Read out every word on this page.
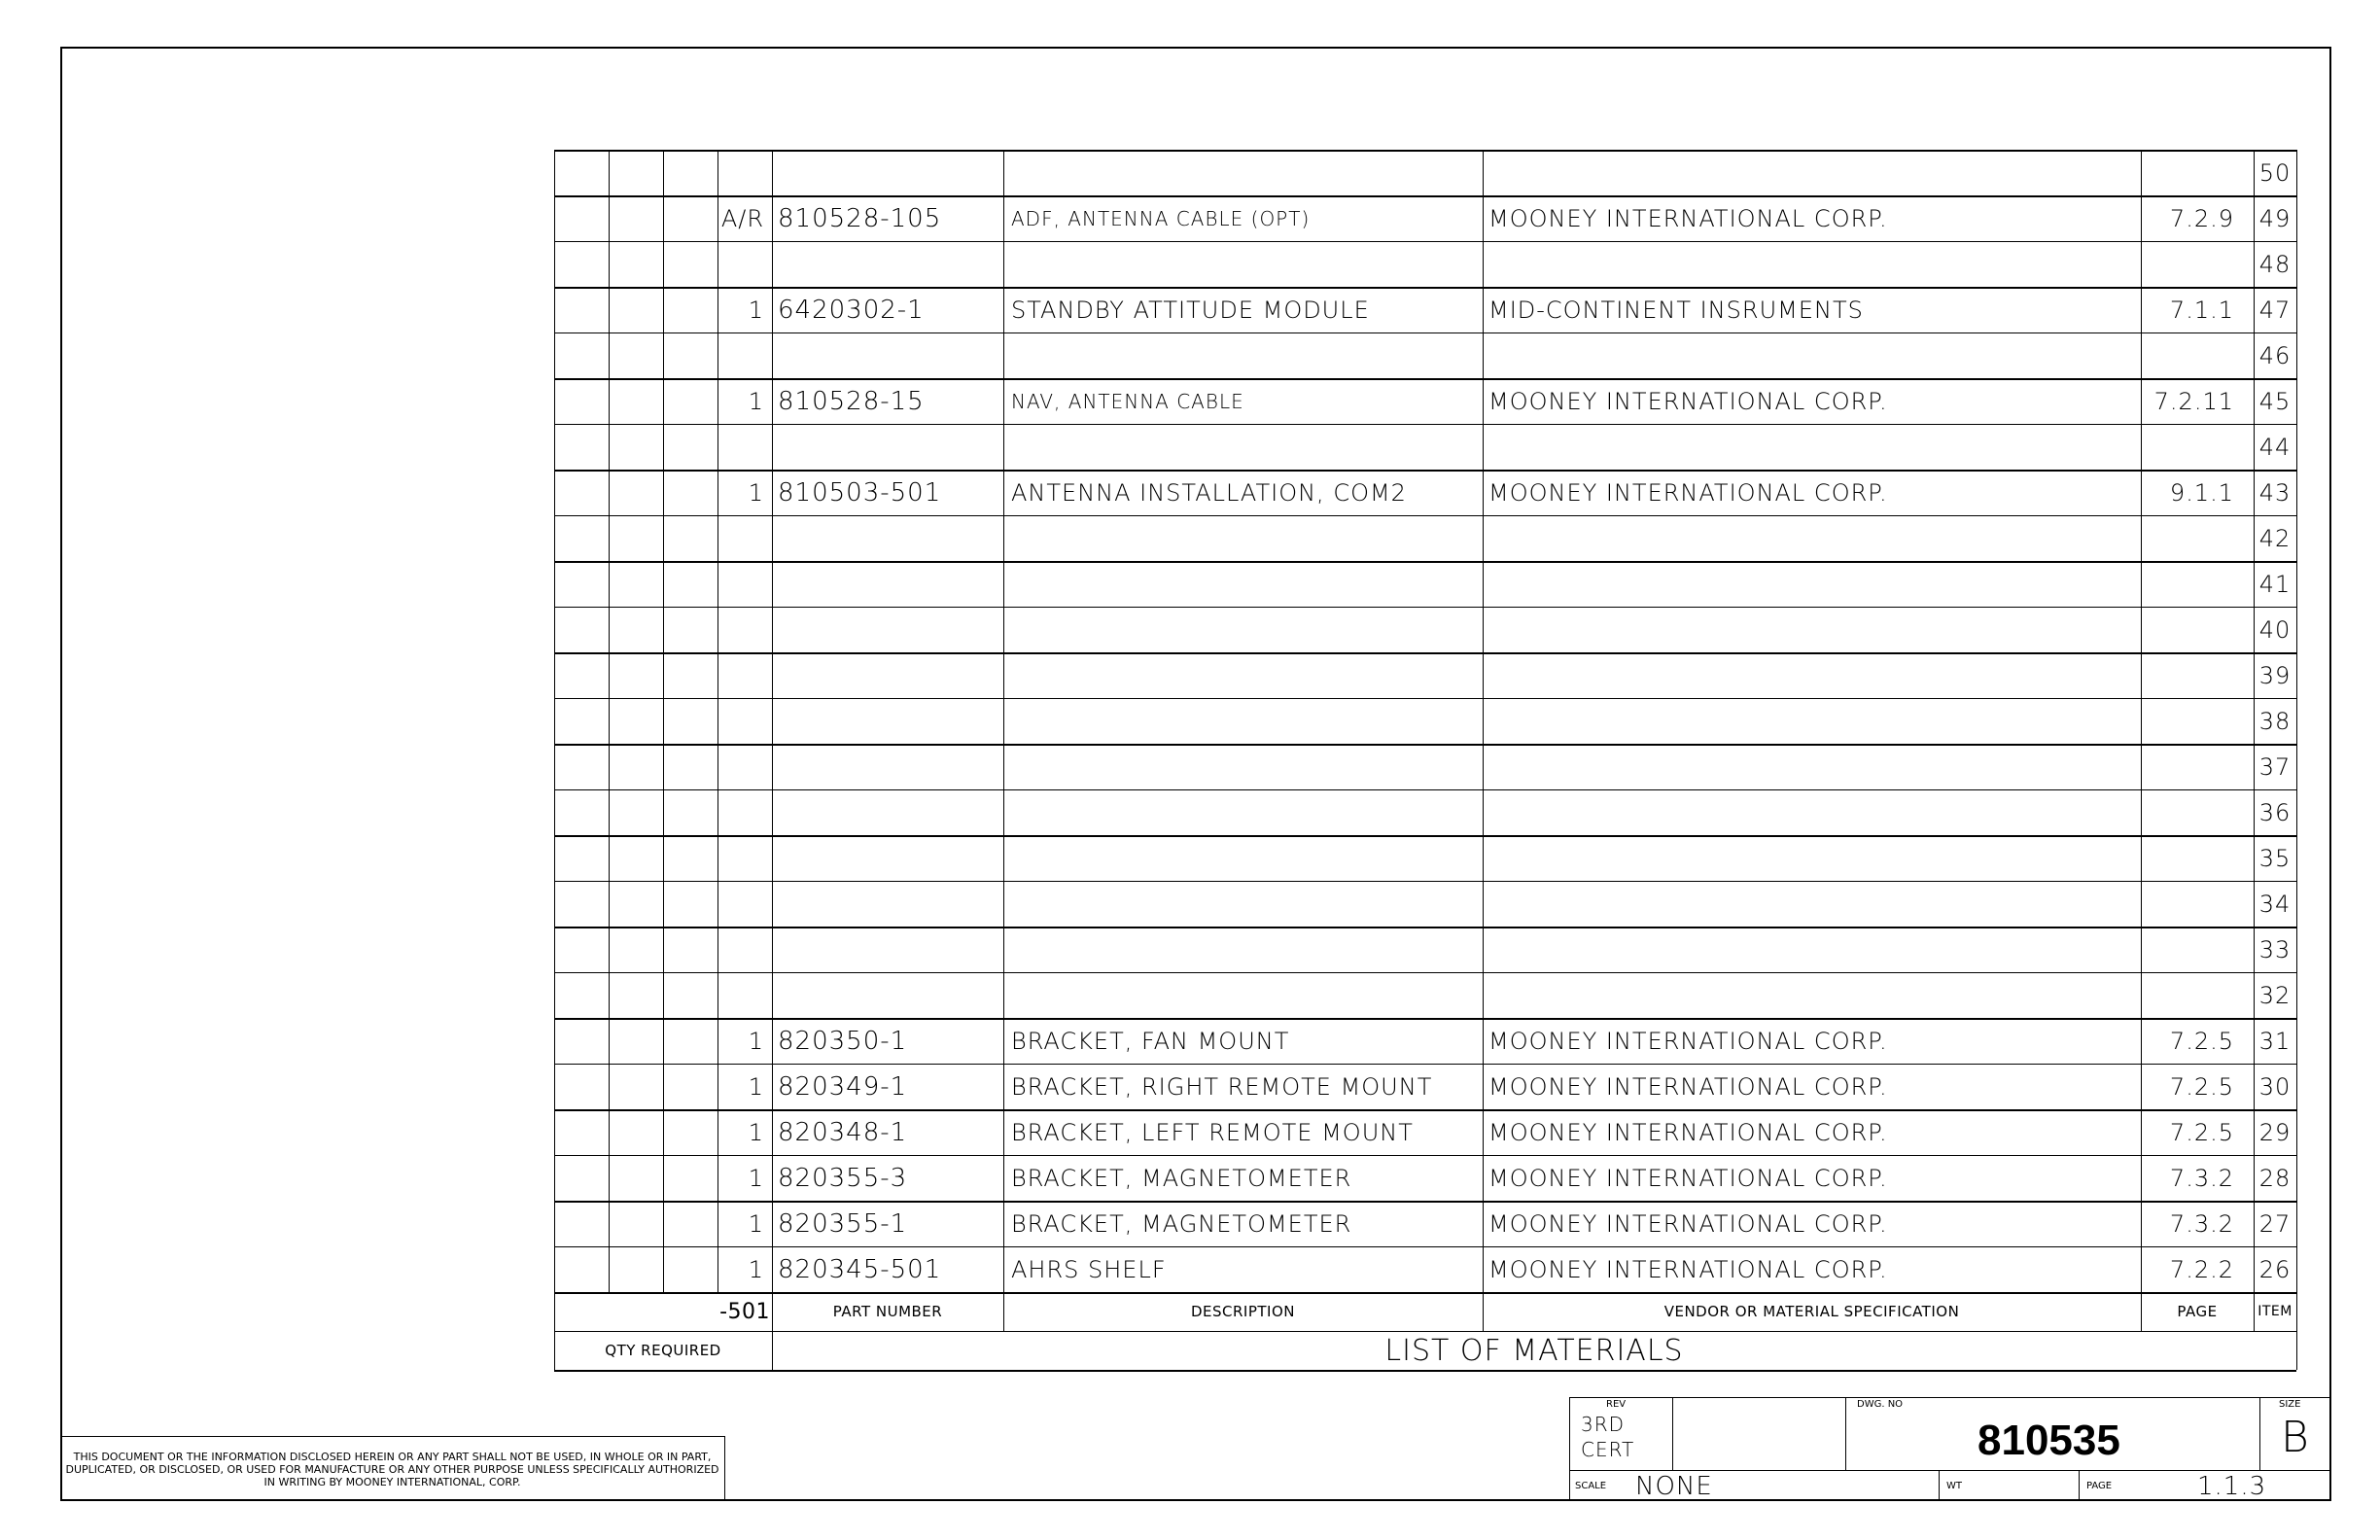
50
A/R 810528-105	ADF, ANTENNA CABLE (OPT)	MOONEY INTERNATIONAL CORP.	7.2.9	49
48
1 6420302-1	STANDBY ATTITUDE MODULE	MID-CONTINENT INSRUMENTS	7.1.1	47
46
1 810528-15	NAV, ANTENNA CABLE	MOONEY INTERNATIONAL CORP.	7.2.11	45
44
1 810503-501	ANTENNA INSTALLATION, COM2	MOONEY INTERNATIONAL CORP.	9.1.1	43
42
41
40
39
38
37
36
35
34
33
32
1 820350-1	BRACKET, FAN MOUNT	MOONEY INTERNATIONAL CORP.	7.2.5	31
1 820349-1	BRACKET, RIGHT REMOTE MOUNT	MOONEY INTERNATIONAL CORP.	7.2.5	30
1 820348-1	BRACKET, LEFT REMOTE MOUNT	MOONEY INTERNATIONAL CORP.	7.2.5	29
1 820355-3	BRACKET, MAGNETOMETER	MOONEY INTERNATIONAL CORP.	7.3.2	28
1 820355-1	BRACKET, MAGNETOMETER	MOONEY INTERNATIONAL CORP.	7.3.2	27
1 820345-501	AHRS SHELF	MOONEY INTERNATIONAL CORP.	7.2.2	26
-501	PART NUMBER	DESCRIPTION	VENDOR OR MATERIAL SPECIFICATION	PAGE	ITEM
QTY REQUIRED	LIST OF MATERIALS
THIS DOCUMENT OR THE INFORMATION DISCLOSED HEREIN OR ANY PART SHALL NOT BE USED, IN WHOLE OR IN PART, DUPLICATED, OR DISCLOSED, OR USED FOR MANUFACTURE OR ANY OTHER PURPOSE UNLESS SPECIFICALLY AUTHORIZED IN WRITING BY MOONEY INTERNATIONAL, CORP.
REV
3RD
CERT
DWG. NO
810535
SIZE
B
SCALE NONE	WT	PAGE	1.1.3
